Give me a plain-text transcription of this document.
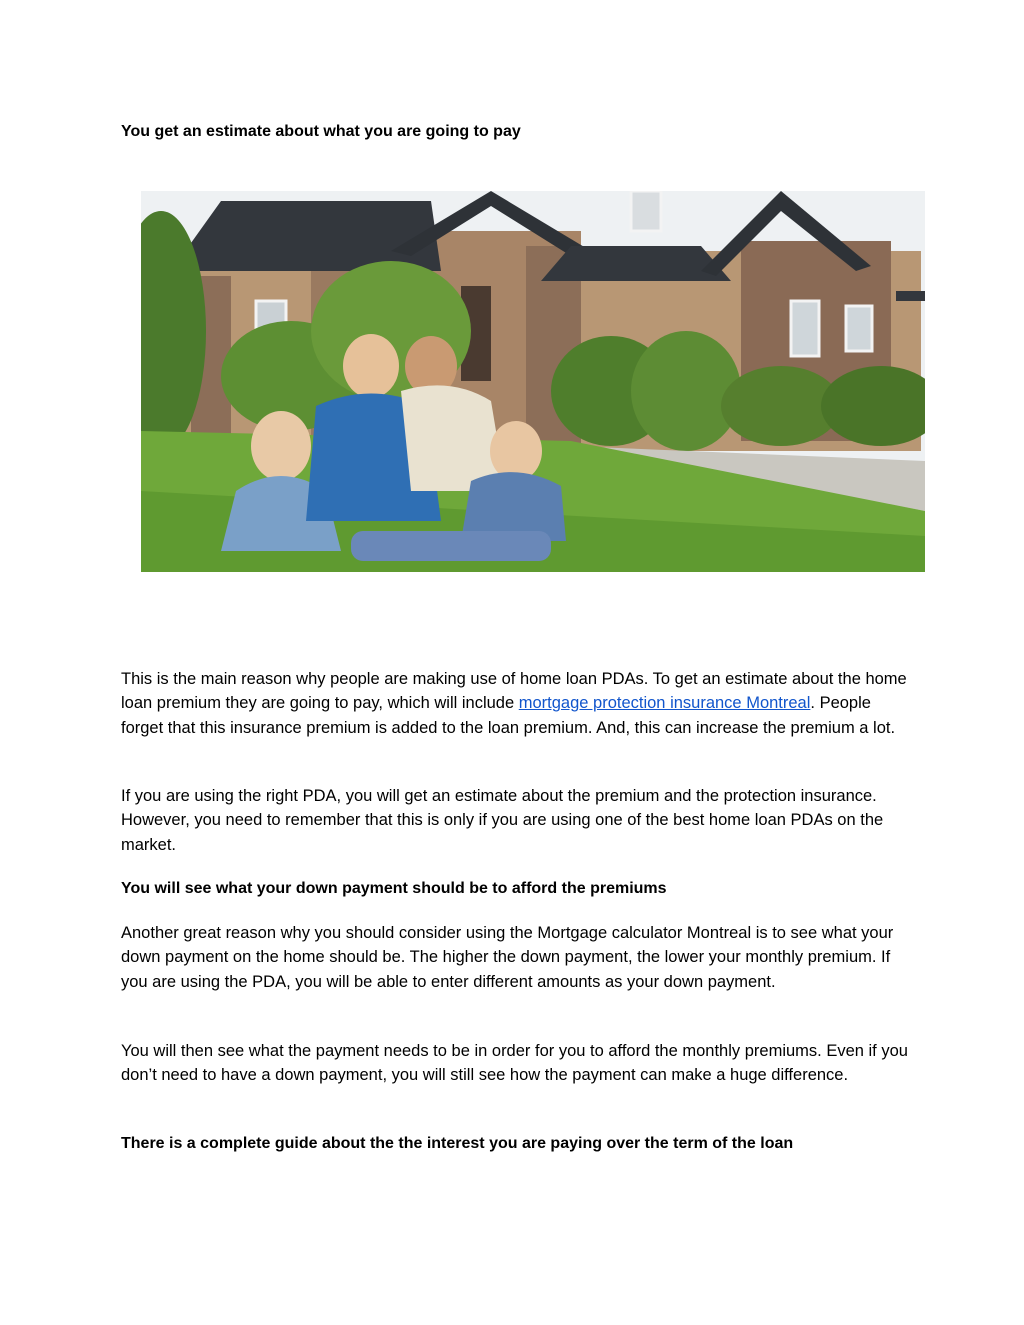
You get an estimate about what you are going to pay

This is the main reason why people are making use of home loan PDAs. To get an estimate about the home loan premium they are going to pay, which will include mortgage protection insurance Montreal. People forget that this insurance premium is added to the loan premium. And, this can increase the premium a lot.

If you are using the right PDA, you will get an estimate about the premium and the protection insurance. However, you need to remember that this is only if you are using one of the best home loan PDAs on the market.

You will see what your down payment should be to afford the premiums

Another great reason why you should consider using the Mortgage calculator Montreal is to see what your down payment on the home should be. The higher the down payment, the lower your monthly premium. If you are using the PDA, you will be able to enter different amounts as your down payment.

You will then see what the payment needs to be in order for you to afford the monthly premiums. Even if you don’t need to have a down payment, you will still see how the payment can make a huge difference.

There is a complete guide about the the interest you are paying over the term of the loan
